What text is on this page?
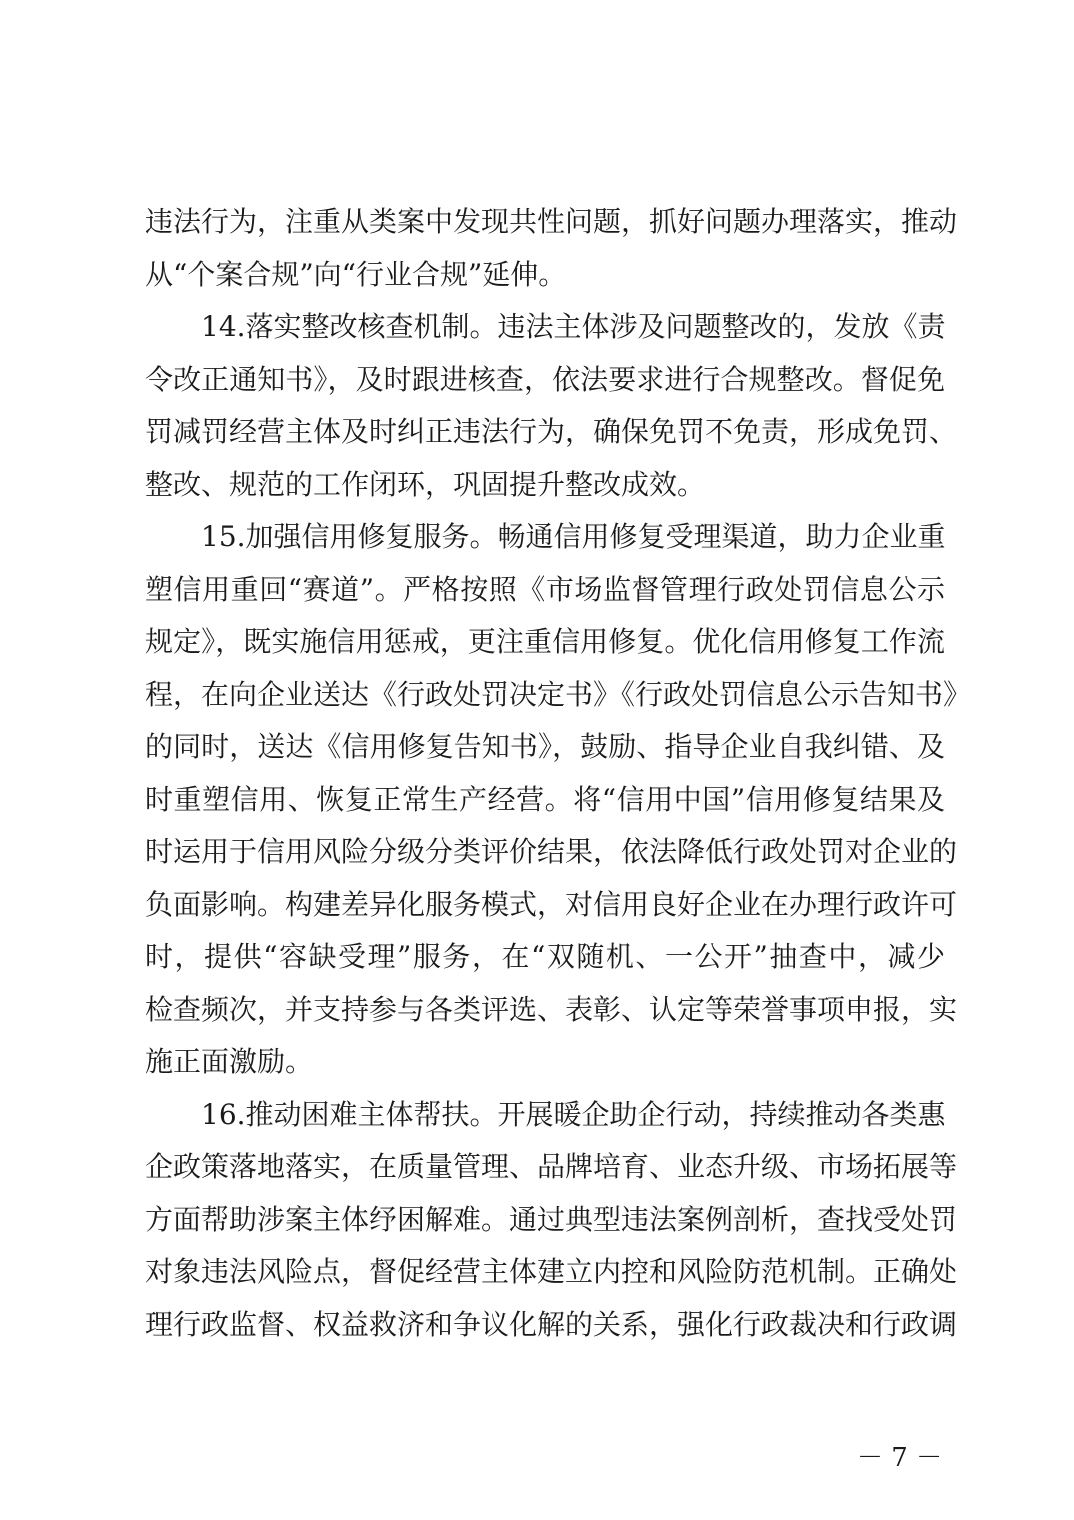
违法行为，注重从类案中发现共性问题，抓好问题办理落实，推动
从“个案合规”向“行业合规”延伸。
14.落实整改核查机制。违法主体涉及问题整改的，发放《责
令改正通知书》，及时跟进核查，依法要求进行合规整改。督促免
罚减罚经营主体及时纠正违法行为，确保免罚不免责，形成免罚、
整改、规范的工作闭环，巩固提升整改成效。
15.加强信用修复服务。畅通信用修复受理渠道，助力企业重
塑信用重回“赛道”。严格按照《市场监督管理行政处罚信息公示
规定》，既实施信用惩戒，更注重信用修复。优化信用修复工作流
程，在向企业送达《行政处罚决定书》《行政处罚信息公示告知书》
的同时，送达《信用修复告知书》，鼓励、指导企业自我纠错、及
时重塑信用、恢复正常生产经营。将“信用中国”信用修复结果及
时运用于信用风险分级分类评价结果，依法降低行政处罚对企业的
负面影响。构建差异化服务模式，对信用良好企业在办理行政许可
时，提供“容缺受理”服务，在“双随机、一公开”抽查中，减少
检查频次，并支持参与各类评选、表彰、认定等荣誉事项申报，实
施正面激励。
16.推动困难主体帮扶。开展暖企助企行动，持续推动各类惠
企政策落地落实，在质量管理、品牌培育、业态升级、市场拓展等
方面帮助涉案主体纾困解难。通过典型违法案例剖析，查找受处罚
对象违法风险点，督促经营主体建立内控和风险防范机制。正确处
理行政监督、权益救济和争议化解的关系，强化行政裁决和行政调
－ 7 －
